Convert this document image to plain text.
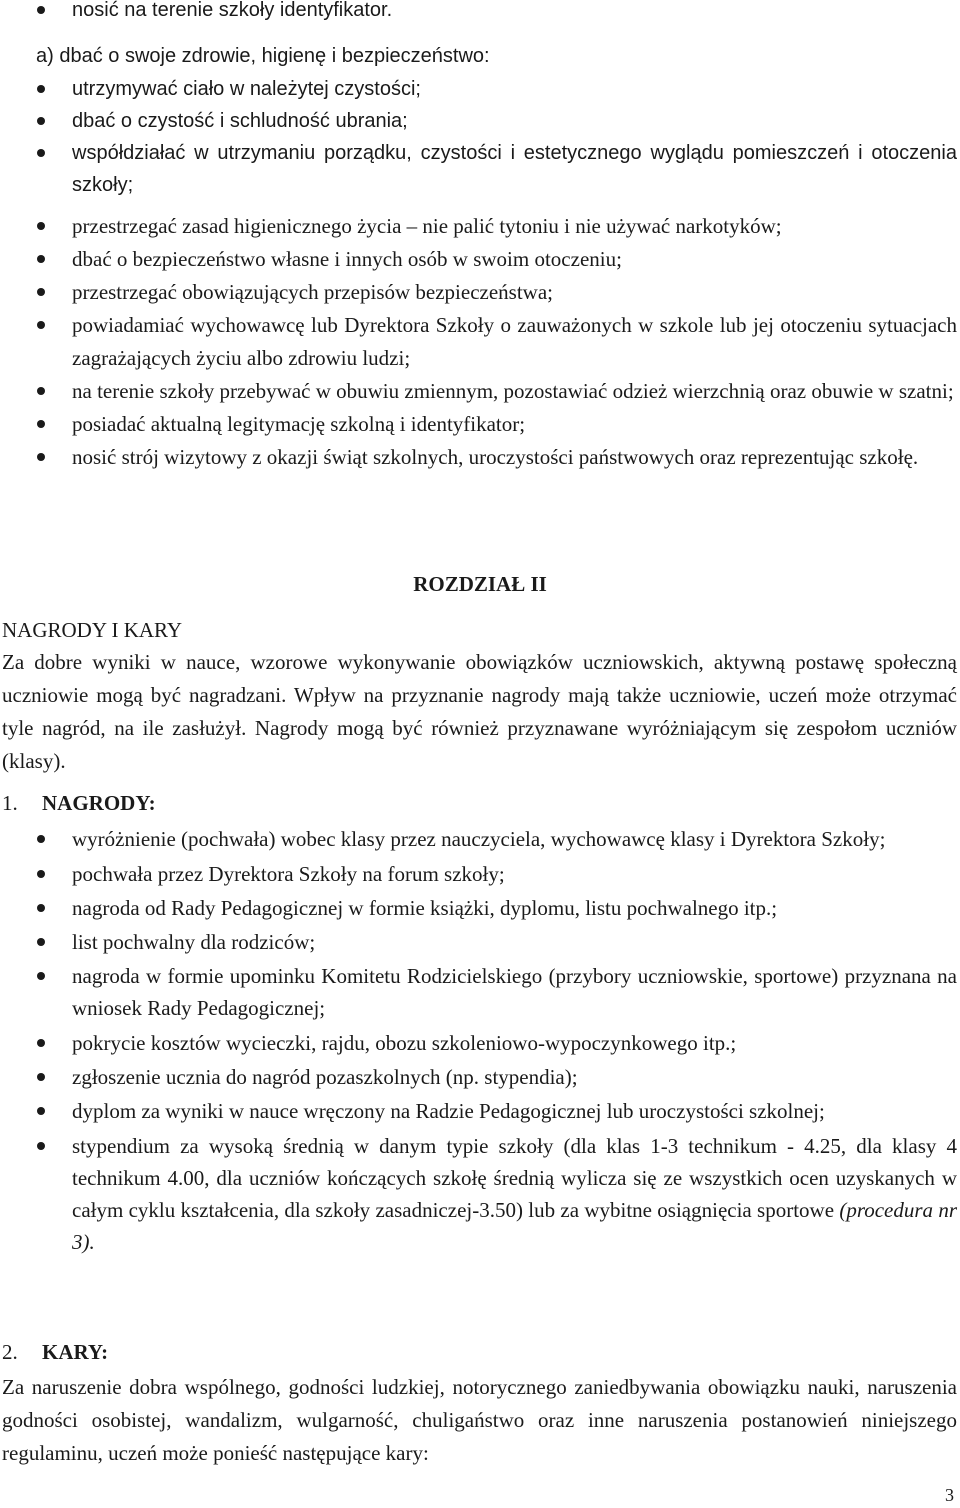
nosić na terenie szkoły identyfikator.

a) dbać o swoje zdrowie, higienę i bezpieczeństwo:

utrzymywać ciało w należytej czystości;
dbać o czystość i schludność ubrania;
współdziałać w utrzymaniu porządku, czystości i estetycznego wyglądu pomieszczeń i otoczenia szkoły;
przestrzegać zasad higienicznego życia – nie palić tytoniu i nie używać narkotyków;
dbać o bezpieczeństwo własne i innych osób w swoim otoczeniu;
przestrzegać obowiązujących przepisów bezpieczeństwa;
powiadamiać wychowawcę lub Dyrektora Szkoły o zauważonych w szkole lub jej otoczeniu sytuacjach zagrażających życiu albo zdrowiu ludzi;
na terenie szkoły przebywać w obuwiu zmiennym, pozostawiać odzież wierzchnią oraz obuwie w szatni;
posiadać aktualną legitymację szkolną i identyfikator;
nosić strój wizytowy z okazji świąt szkolnych, uroczystości państwowych oraz reprezentując szkołę.

ROZDZIAŁ II

NAGRODY I KARY

Za dobre wyniki w nauce, wzorowe wykonywanie obowiązków uczniowskich, aktywną postawę społeczną uczniowie mogą być nagradzani. Wpływ na przyznanie nagrody mają także uczniowie, uczeń może otrzymać tyle nagród, na ile zasłużył. Nagrody mogą być również przyznawane wyróżniającym się zespołom uczniów (klasy).

1. NAGRODY:

wyróżnienie (pochwała) wobec klasy przez nauczyciela, wychowawcę klasy i Dyrektora Szkoły;
pochwała przez Dyrektora Szkoły na forum szkoły;
nagroda od Rady Pedagogicznej w formie książki, dyplomu, listu pochwalnego itp.;
list pochwalny dla rodziców;
nagroda w formie upominku Komitetu Rodzicielskiego (przybory uczniowskie, sportowe) przyznana na wniosek Rady Pedagogicznej;
pokrycie kosztów wycieczki, rajdu, obozu szkoleniowo-wypoczynkowego itp.;
zgłoszenie ucznia do nagród pozaszkolnych (np. stypendia);
dyplom za wyniki w nauce wręczony na Radzie Pedagogicznej lub uroczystości szkolnej;
stypendium za wysoką średnią w danym typie szkoły (dla klas 1-3 technikum - 4.25, dla klasy 4 technikum 4.00, dla uczniów kończących szkołę średnią wylicza się ze wszystkich ocen uzyskanych w całym cyklu kształcenia, dla szkoły zasadniczej-3.50) lub za wybitne osiągnięcia sportowe (procedura nr 3).

2. KARY:

Za naruszenie dobra wspólnego, godności ludzkiej, notorycznego zaniedbywania obowiązku nauki, naruszenia godności osobistej, wandalizm, wulgarność, chuligaństwo oraz inne naruszenia postanowień niniejszego regulaminu, uczeń może ponieść następujące kary:

3
